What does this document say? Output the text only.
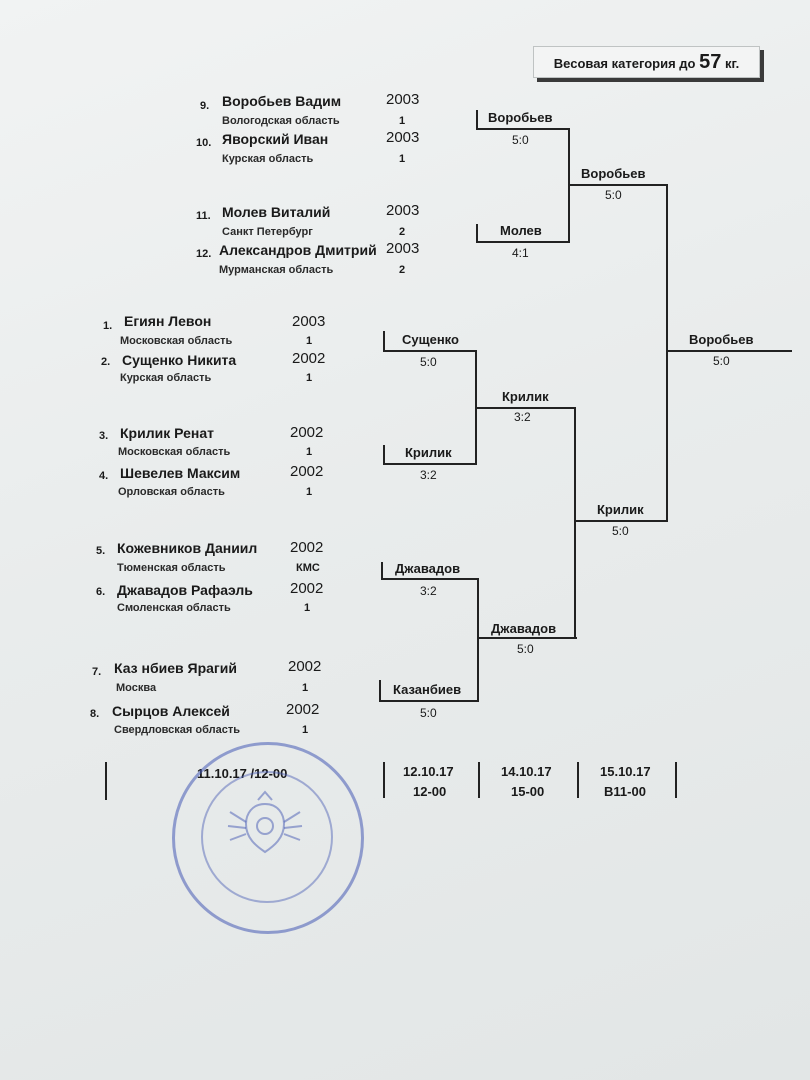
Весовая категория до 57 кг.
9. Воробьев Вадим	2003
Вологодская область	1
10. Яворский Иван	2003
Курская область	1
11. Молев Виталий	2003
Санкт Петербург	2
12. Александров Дмитрий 2003
Мурманская область	2
1. Егиян Левон	2003
Московская область	1
2. Сущенко Никита	2002
Курская область	1
3. Крилик Ренат	2002
Московская область	1
4. Шевелев Максим	2002
Орловская область	1
5. Кожевников Даниил 2002
Тюменская область	КМС
6. Джавадов Рафаэль 2002
Смоленская область	1
7. Каз нбиев Ярагий	2002
Москва	1
8. Сырцов Алексей	2002
Свердловская область	1
Воробьев
5:0
Молев
4:1
Сущенко
5:0
Крилик
3:2
Джавадов
3:2
Казанбиев
5:0
Воробьев
5:0
Крилик
3:2
Джавадов
5:0
Крилик
5:0
Воробьев
5:0
11.10.17 /12-00	12.10.17
12-00
14.10.17
15-00
15.10.17
В11-00
